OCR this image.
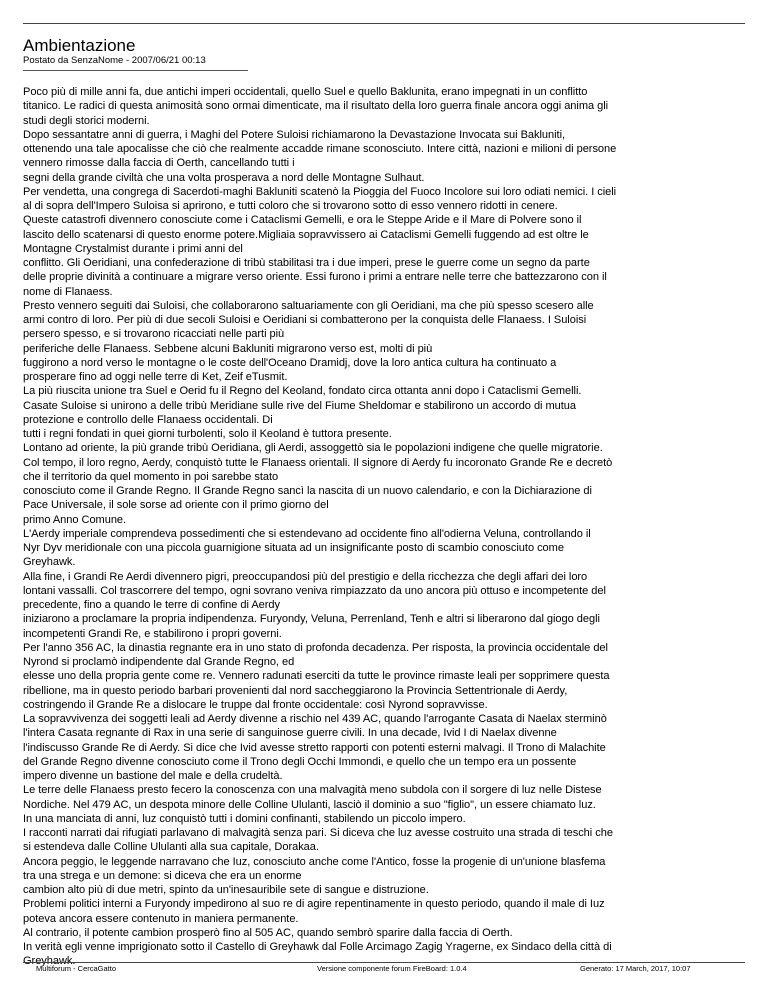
Ambientazione
Postato da SenzaNome - 2007/06/21 00:13

Poco più di mille anni fa, due antichi imperi occidentali, quello Suel e quello Baklunita, erano impegnati in un conflitto

titanico. Le radici di questa animosità sono ormai dimenticate, ma il risultato della loro guerra finale ancora oggi anima gli

studi degli storici moderni.

Dopo sessantatre anni di guerra, i Maghi del Potere Suloisi richiamarono la Devastazione Invocata sui Bakluniti,

ottenendo una tale apocalisse che ciò che realmente accadde rimane sconosciuto. Intere città, nazioni e milioni di persone

vennero rimosse dalla faccia di Oerth, cancellando tutti i

segni della grande civiltà che una volta prosperava a nord delle Montagne Sulhaut.

Per vendetta, una congrega di Sacerdoti-maghi Bakluniti scatenò la Pioggia del Fuoco Incolore sui loro odiati nemici. I cieli

al di sopra dell'Impero Suloisa si aprirono, e tutti coloro che si trovarono sotto di esso vennero ridotti in cenere.

Queste catastrofi divennero conosciute come i Cataclismi Gemelli, e ora le Steppe Aride e il Mare di Polvere sono il

lascito dello scatenarsi di questo enorme potere.Migliaia sopravvissero ai Cataclismi Gemelli fuggendo ad est oltre le

Montagne Crystalmist durante i primi anni del

conflitto. Gli Oeridiani, una confederazione di tribù stabilitasi tra i due imperi, prese le guerre come un segno da parte

delle proprie divinità a continuare a migrare verso oriente. Essi furono i primi a entrare nelle terre che battezzarono con il

nome di Flanaess.

Presto vennero seguiti dai Suloisi, che collaborarono saltuariamente con gli Oeridiani, ma che più spesso scesero alle

armi contro di loro. Per più di due secoli Suloisi e Oeridiani si combatterono per la conquista delle Flanaess. I Suloisi

persero spesso, e si trovarono ricacciati nelle parti più

periferiche delle Flanaess. Sebbene alcuni Bakluniti migrarono verso est, molti di più

fuggirono a nord verso le montagne o le coste dell'Oceano Dramidj, dove la loro antica cultura ha continuato a

prosperare fino ad oggi nelle terre di Ket, Zeif eTusmit.

La più riuscita unione tra Suel e Oerid fu il Regno del Keoland, fondato circa ottanta anni dopo i Cataclismi Gemelli.

Casate Suloise si unirono a delle tribù Meridiane sulle rive del Fiume Sheldomar e stabilirono un accordo di mutua

protezione e controllo delle Flanaess occidentali. Di

tutti i regni fondati in quei giorni turbolenti, solo il Keoland è tuttora presente.

Lontano ad oriente, la più grande tribù Oeridiana, gli Aerdi, assoggettò sia le popolazioni indigene che quelle migratorie.

Col tempo, il loro regno, Aerdy, conquistò tutte le Flanaess orientali. Il signore di Aerdy fu incoronato Grande Re e decretò

che il territorio da quel momento in poi sarebbe stato

conosciuto come il Grande Regno. Il Grande Regno sancì la nascita di un nuovo calendario, e con la Dichiarazione di

Pace Universale, il sole sorse ad oriente con il primo giorno del

primo Anno Comune.

L'Aerdy imperiale comprendeva possedimenti che si estendevano ad occidente fino all'odierna Veluna, controllando il

Nyr Dyv meridionale con una piccola guarnigione situata ad un insignificante posto di scambio conosciuto come

Greyhawk.

Alla fine, i Grandi Re Aerdi divennero pigri, preoccupandosi più del prestigio e della ricchezza che degli affari dei loro

lontani vassalli. Col trascorrere del tempo, ogni sovrano veniva rimpiazzato da uno ancora più ottuso e incompetente del

precedente, fino a quando le terre di confine di Aerdy

iniziarono a proclamare la propria indipendenza. Furyondy, Veluna, Perrenland, Tenh e altri si liberarono dal giogo degli

incompetenti Grandi Re, e stabilirono i propri governi.

Per l'anno 356 AC, la dinastia regnante era in uno stato di profonda decadenza. Per risposta, la provincia occidentale del

Nyrond si proclamò indipendente dal Grande Regno, ed

elesse uno della propria gente come re. Vennero radunati eserciti da tutte le province rimaste leali per sopprimere questa

ribellione, ma in questo periodo barbari provenienti dal nord saccheggiarono la Provincia Settentrionale di Aerdy,

costringendo il Grande Re a dislocare le truppe dal fronte occidentale: così Nyrond sopravvisse.

La sopravvivenza dei soggetti leali ad Aerdy divenne a rischio nel 439 AC, quando l'arrogante Casata di Naelax sterminò

l'intera Casata regnante di Rax in una serie di sanguinose guerre civili. In una decade, Ivid I di Naelax divenne

l'indiscusso Grande Re di Aerdy. Si dice che Ivid avesse stretto rapporti con potenti esterni malvagi. Il Trono di Malachite

del Grande Regno divenne conosciuto come il Trono degli Occhi Immondi, e quello che un tempo era un possente

impero divenne un bastione del male e della crudeltà.

Le terre delle Flanaess presto fecero la conoscenza con una malvagità meno subdola con il sorgere di luz nelle Distese

Nordiche. Nel 479 AC, un despota minore delle Colline Ululanti, lasciò il dominio a suo "figlio", un essere chiamato luz.

In una manciata di anni, luz conquistò tutti i domini confinanti, stabilendo un piccolo impero.

I racconti narrati dai rifugiati parlavano di malvagità senza pari. Si diceva che luz avesse costruito una strada di teschi che

si estendeva dalle Colline Ululanti alla sua capitale, Dorakaa.

Ancora peggio, le leggende narravano che Iuz, conosciuto anche come l'Antico, fosse la progenie di un'unione blasfema

tra una strega e un demone: si diceva che era un enorme

cambion alto più di due metri, spinto da un'inesauribile sete di sangue e distruzione.

Problemi politici interni a Furyondy impedirono al suo re di agire repentinamente in questo periodo, quando il male di Iuz

poteva ancora essere contenuto in maniera permanente.

Al contrario, il potente cambion prosperò fino al 505 AC, quando sembrò sparire dalla faccia di Oerth.

In verità egli venne imprigionato sotto il Castello di Greyhawk dal Folle Arcimago Zagig Yragerne, ex Sindaco della città di

Greyhawk.

Multiforum - CercaGatto	Versione componente forum FireBoard: 1.0.4	Generato: 17 March, 2017, 10:07
